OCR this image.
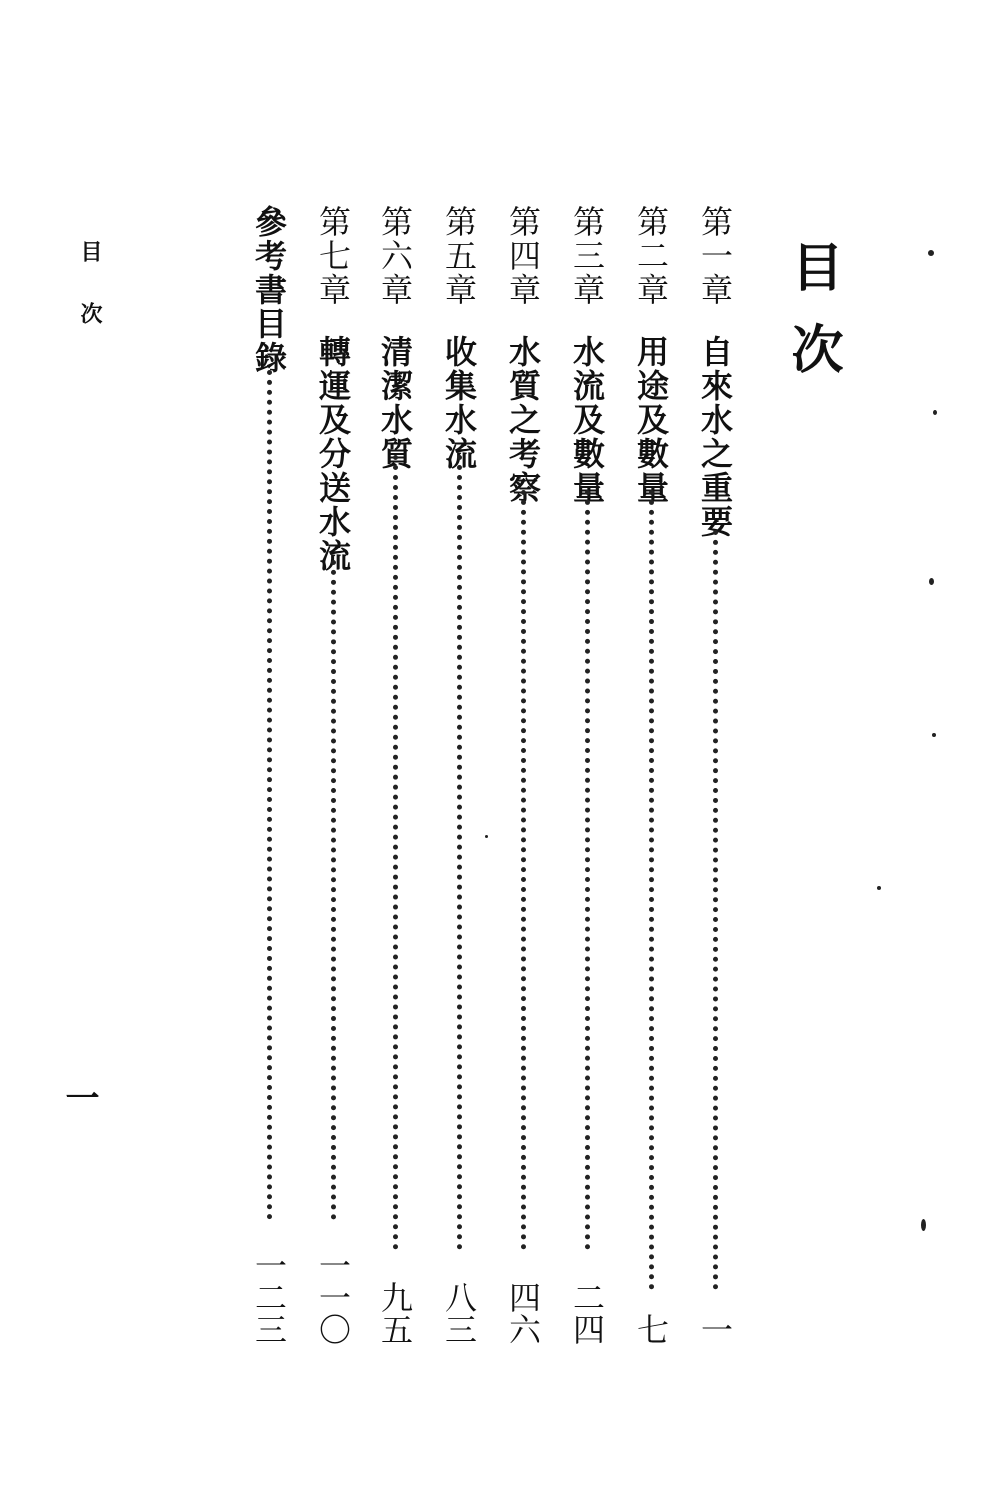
目次
第一章自來水之重要
一
第二章用途及數量
七
第三章水流及數量
二四
第四章水質之考察
四六
第五章收集水流
八三
第六章清潔水質
九五
第七章轉運及分送水流
一一〇
參考書目錄
一二三
目次
一
